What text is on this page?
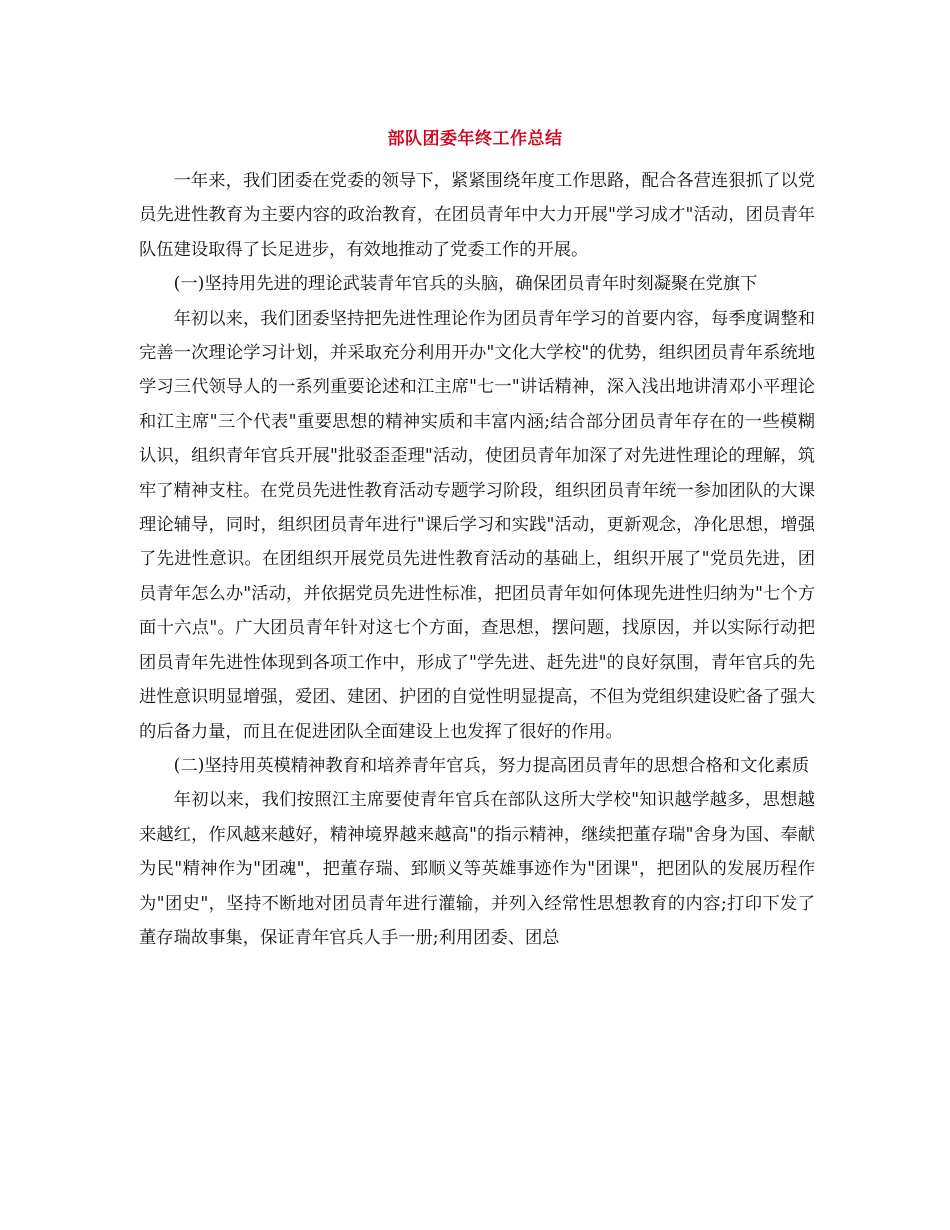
部队团委年终工作总结

一年来，我们团委在党委的领导下，紧紧围绕年度工作思路，配合各营连狠抓了以党员先进性教育为主要内容的政治教育，在团员青年中大力开展"学习成才"活动，团员青年队伍建设取得了长足进步，有效地推动了党委工作的开展。

(一)坚持用先进的理论武装青年官兵的头脑，确保团员青年时刻凝聚在党旗下

年初以来，我们团委坚持把先进性理论作为团员青年学习的首要内容，每季度调整和完善一次理论学习计划，并采取充分利用开办"文化大学校"的优势，组织团员青年系统地学习三代领导人的一系列重要论述和江主席"七一"讲话精神，深入浅出地讲清邓小平理论和江主席"三个代表"重要思想的精神实质和丰富内涵;结合部分团员青年存在的一些模糊认识，组织青年官兵开展"批驳歪歪理"活动，使团员青年加深了对先进性理论的理解，筑牢了精神支柱。在党员先进性教育活动专题学习阶段，组织团员青年统一参加团队的大课理论辅导，同时，组织团员青年进行"课后学习和实践"活动，更新观念，净化思想，增强了先进性意识。在团组织开展党员先进性教育活动的基础上，组织开展了"党员先进，团员青年怎么办"活动，并依据党员先进性标准，把团员青年如何体现先进性归纳为"七个方面十六点"。广大团员青年针对这七个方面，查思想，摆问题，找原因，并以实际行动把团员青年先进性体现到各项工作中，形成了"学先进、赶先进"的良好氛围，青年官兵的先进性意识明显增强，爱团、建团、护团的自觉性明显提高，不但为党组织建设贮备了强大的后备力量，而且在促进团队全面建设上也发挥了很好的作用。

(二)坚持用英模精神教育和培养青年官兵，努力提高团员青年的思想合格和文化素质

年初以来，我们按照江主席要使青年官兵在部队这所大学校"知识越学越多，思想越来越红，作风越来越好，精神境界越来越高"的指示精神，继续把董存瑞"舍身为国、奉献为民"精神作为"团魂"，把董存瑞、郅顺义等英雄事迹作为"团课"，把团队的发展历程作为"团史"，坚持不断地对团员青年进行灌输，并列入经常性思想教育的内容;打印下发了董存瑞故事集，保证青年官兵人手一册;利用团委、团总
